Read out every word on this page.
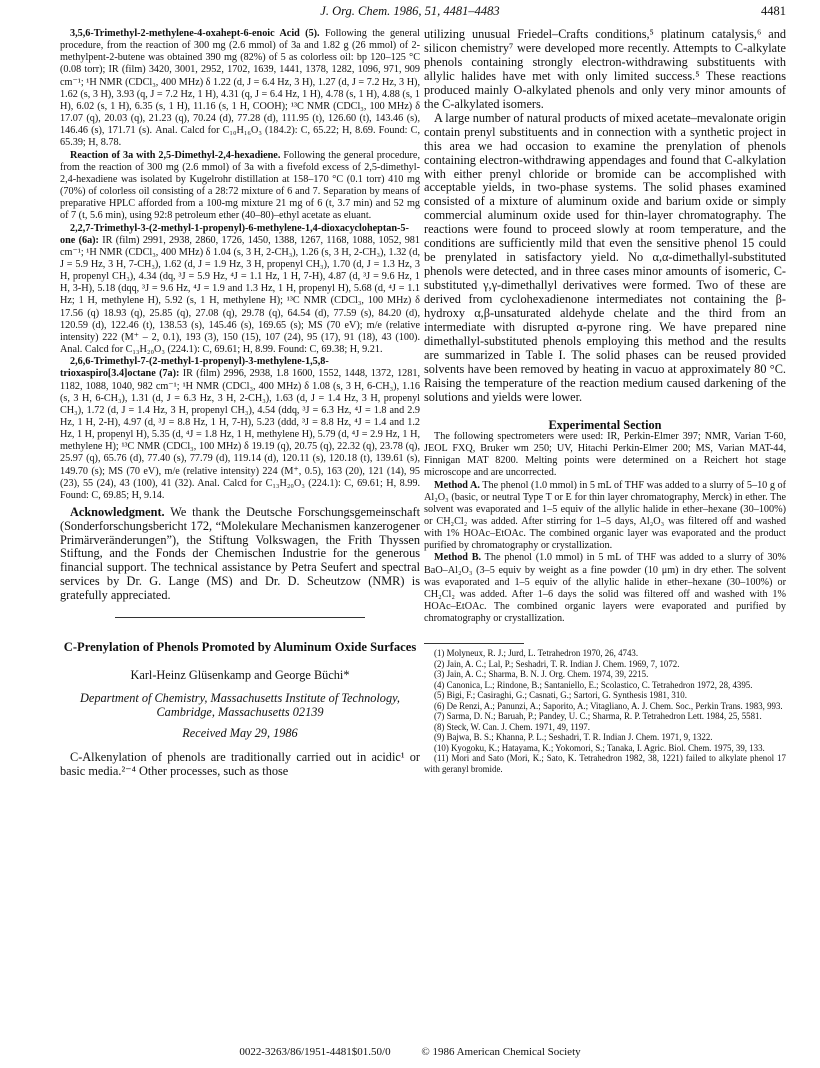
J. Org. Chem. 1986, 51, 4481–4483	4481

3,5,6-Trimethyl-2-methylene-4-oxahept-6-enoic Acid (5). Following the general procedure, from the reaction of 300 mg (2.6 mmol) of 3a and 1.82 g (26 mmol) of 2-methylpent-2-butene was obtained 390 mg (82%) of 5 as colorless oil: bp 120–125 °C (0.08 torr); IR (film) 3420, 3001, 2952, 1702, 1639, 1441, 1378, 1282, 1096, 971, 909 cm⁻¹; ¹H NMR (CDCl₃, 400 MHz) δ 1.22 (d, J = 6.4 Hz, 3 H), 1.27 (d, J = 7.2 Hz, 3 H), 1.62 (s, 3 H), 3.93 (q, J = 7.2 Hz, 1 H), 4.31 (q, J = 6.4 Hz, 1 H), 4.78 (s, 1 H), 4.88 (s, 1 H), 6.02 (s, 1 H), 6.35 (s, 1 H), 11.16 (s, 1 H, COOH); ¹³C NMR (CDCl₃, 100 MHz) δ 17.07 (q), 20.03 (q), 21.23 (q), 70.24 (d), 77.28 (d), 111.95 (t), 126.60 (t), 143.46 (s), 146.46 (s), 171.71 (s). Anal. Calcd for C₁₀H₁₆O₃ (184.2): C, 65.22; H, 8.69. Found: C, 65.39; H, 8.78.

Reaction of 3a with 2,5-Dimethyl-2,4-hexadiene. Following the general procedure, from the reaction of 300 mg (2.6 mmol) of 3a with a fivefold excess of 2,5-dimethyl-2,4-hexadiene was isolated by Kugelrohr distillation at 158–170 °C (0.1 torr) 410 mg (70%) of colorless oil consisting of a 28:72 mixture of 6 and 7. Separation by means of preparative HPLC afforded from a 100-mg mixture 21 mg of 6 (t, 3.7 min) and 52 mg of 7 (t, 5.6 min), using 92:8 petroleum ether (40–80)–ethyl acetate as eluant.

2,2,7-Trimethyl-3-(2-methyl-1-propenyl)-6-methylene-1,4-dioxacycloheptan-5-one (6a): IR (film) 2991, 2938, 2860, 1726, 1450, 1388, 1267, 1168, 1088, 1052, 981 cm⁻¹; ¹H NMR (CDCl₃, 400 MHz) δ 1.04 (s, 3 H, 2-CH₃), 1.26 (s, 3 H, 2-CH₃), 1.32 (d, J = 5.9 Hz, 3 H, 7-CH₃), 1.62 (d, J = 1.9 Hz, 3 H, propenyl CH₃), 1.70 (d, J = 1.3 Hz, 3 H, propenyl CH₃), 4.34 (dq, ³J = 5.9 Hz, ⁴J = 1.1 Hz, 1 H, 7-H), 4.87 (d, ³J = 9.6 Hz, 1 H, 3-H), 5.18 (dqq, ³J = 9.6 Hz, ⁴J = 1.9 and 1.3 Hz, 1 H, propenyl H), 5.68 (d, ⁴J = 1.1 Hz; 1 H, methylene H), 5.92 (s, 1 H, methylene H); ¹³C NMR (CDCl₃, 100 MHz) δ 17.56 (q) 18.93 (q), 25.85 (q), 27.08 (q), 29.78 (q), 64.54 (d), 77.59 (s), 84.20 (d), 120.59 (d), 122.46 (t), 138.53 (s), 145.46 (s), 169.65 (s); MS (70 eV); m/e (relative intensity) 222 (M⁺ – 2, 0.1), 193 (3), 150 (15), 107 (24), 95 (17), 91 (18), 43 (100). Anal. Calcd for C₁₃H₂₀O₃ (224.1): C, 69.61; H, 8.99. Found: C, 69.38; H, 9.21.

2,6,6-Trimethyl-7-(2-methyl-1-propenyl)-3-methylene-1,5,8-trioxaspiro[3.4]octane (7a): IR (film) 2996, 2938, 1.8 1600, 1552, 1448, 1372, 1281, 1182, 1088, 1040, 982 cm⁻¹; ¹H NMR (CDCl₃, 400 MHz) δ 1.08 (s, 3 H, 6-CH₃), 1.16 (s, 3 H, 6-CH₃), 1.31 (d, J = 6.3 Hz, 3 H, 2-CH₃), 1.63 (d, J = 1.4 Hz, 3 H, propenyl CH₃), 1.72 (d, J = 1.4 Hz, 3 H, propenyl CH₃), 4.54 (ddq, ³J = 6.3 Hz, ⁴J = 1.8 and 2.9 Hz, 1 H, 2-H), 4.97 (d, ³J = 8.8 Hz, 1 H, 7-H), 5.23 (ddd, ³J = 8.8 Hz, ⁴J = 1.4 and 1.2 Hz, 1 H, propenyl H), 5.35 (d, ⁴J = 1.8 Hz, 1 H, methylene H), 5.79 (d, ⁴J = 2.9 Hz, 1 H, methylene H); ¹³C NMR (CDCl₃, 100 MHz) δ 19.19 (q), 20.75 (q), 22.32 (q), 23.78 (q), 25.97 (q), 65.76 (d), 77.40 (s), 77.79 (d), 119.14 (d), 120.11 (s), 120.18 (t), 139.61 (s), 149.70 (s); MS (70 eV), m/e (relative intensity) 224 (M⁺, 0.5), 163 (20), 121 (14), 95 (23), 55 (24), 43 (100), 41 (32). Anal. Calcd for C₁₃H₂₀O₃ (224.1): C, 69.61; H, 8.99. Found: C, 69.85; H, 9.14.

Acknowledgment. We thank the Deutsche Forschungsgemeinschaft (Sonderforschungsbericht 172, “Molekulare Mechanismen kanzerogener Primärveränderungen”), the Stiftung Volkswagen, the Frith Thyssen Stiftung, and the Fonds der Chemischen Industrie for the generous financial support. The technical assistance by Petra Seufert and spectral services by Dr. G. Lange (MS) and Dr. D. Scheutzow (NMR) is gratefully appreciated.

C-Prenylation of Phenols Promoted by Aluminum Oxide Surfaces
Karl-Heinz Glüsenkamp and George Büchi*
Department of Chemistry, Massachusetts Institute of Technology, Cambridge, Massachusetts 02139
Received May 29, 1986

C-Alkenylation of phenols are traditionally carried out in acidic¹ or basic media.²⁻⁴ Other processes, such as those

utilizing unusual Friedel–Crafts conditions,⁵ platinum catalysis,⁶ and silicon chemistry⁷ were developed more recently. Attempts to C-alkylate phenols containing strongly electron-withdrawing substituents with allylic halides have met with only limited success.⁵ These reactions produced mainly O-alkylated phenols and only very minor amounts of the C-alkylated isomers.

A large number of natural products of mixed acetate–mevalonate origin contain prenyl substituents and in connection with a synthetic project in this area we had occasion to examine the prenylation of phenols containing electron-withdrawing appendages and found that C-alkylation with either prenyl chloride or bromide can be accomplished with acceptable yields, in two-phase systems. The solid phases examined consisted of a mixture of aluminum oxide and barium oxide or simply commercial aluminum oxide used for thin-layer chromatography. The reactions were found to proceed slowly at room temperature, and the conditions are sufficiently mild that even the sensitive phenol 15 could be prenylated in satisfactory yield. No α,α-dimethallyl-substituted phenols were detected, and in three cases minor amounts of isomeric, C-substituted γ,γ-dimethallyl derivatives were formed. Two of these are derived from cyclohexadienone intermediates not containing the β-hydroxy α,β-unsaturated aldehyde chelate and the third from an intermediate with disrupted α-pyrone ring. We have prepared nine dimethallyl-substituted phenols employing this method and the results are summarized in Table I. The solid phases can be reused provided solvents have been removed by heating in vacuo at approximately 80 °C. Raising the temperature of the reaction medium caused darkening of the solutions and yields were lower.

Experimental Section

The following spectrometers were used: IR, Perkin-Elmer 397; NMR, Varian T-60, JEOL FXQ, Bruker wm 250; UV, Hitachi Perkin-Elmer 200; MS, Varian MAT-44, Finnigan MAT 8200. Melting points were determined on a Reichert hot stage microscope and are uncorrected.

Method A. The phenol (1.0 mmol) in 5 mL of THF was added to a slurry of 5–10 g of Al₂O₃ (basic, or neutral Type T or E for thin layer chromatography, Merck) in ether. The solvent was evaporated and 1–5 equiv of the allylic halide in ether–hexane (30–100%) or CH₂Cl₂ was added. After stirring for 1–5 days, Al₂O₃ was filtered off and washed with 1% HOAc–EtOAc. The combined organic layer was evaporated and the product purified by chromatography or crystallization.

Method B. The phenol (1.0 mmol) in 5 mL of THF was added to a slurry of 30% BaO–Al₂O₃ (3–5 equiv by weight as a fine powder (10 μm) in dry ether. The solvent was evaporated and 1–5 equiv of the allylic halide in ether–hexane (30–100%) or CH₂Cl₂ was added. After 1–6 days the solid was filtered off and washed with 1% HOAc–EtOAc. The combined organic layers were evaporated and purified by chromatography or crystallization.

(1) Molyneux, R. J.; Jurd, L. Tetrahedron 1970, 26, 4743.

(2) Jain, A. C.; Lal, P.; Seshadri, T. R. Indian J. Chem. 1969, 7, 1072.

(3) Jain, A. C.; Sharma, B. N. J. Org. Chem. 1974, 39, 2215.

(4) Canonica, L.; Rindone, B.; Santaniello, E.; Scolastico, C. Tetrahedron 1972, 28, 4395.

(5) Bigi, F.; Casiraghi, G.; Casnati, G.; Sartori, G. Synthesis 1981, 310.

(6) De Renzi, A.; Panunzi, A.; Saporito, A.; Vitagliano, A. J. Chem. Soc., Perkin Trans. 1983, 993.

(7) Sarma, D. N.; Baruah, P.; Pandey, U. C.; Sharma, R. P. Tetrahedron Lett. 1984, 25, 5581.

(8) Steck, W. Can. J. Chem. 1971, 49, 1197.

(9) Bajwa, B. S.; Khanna, P. L.; Seshadri, T. R. Indian J. Chem. 1971, 9, 1322.

(10) Kyogoku, K.; Hatayama, K.; Yokomori, S.; Tanaka, I. Agric. Biol. Chem. 1975, 39, 133.

(11) Mori and Sato (Mori, K.; Sato, K. Tetrahedron 1982, 38, 1221) failed to alkylate phenol 17 with geranyl bromide.

0022-3263/86/1951-4481$01.50/0	© 1986 American Chemical Society
